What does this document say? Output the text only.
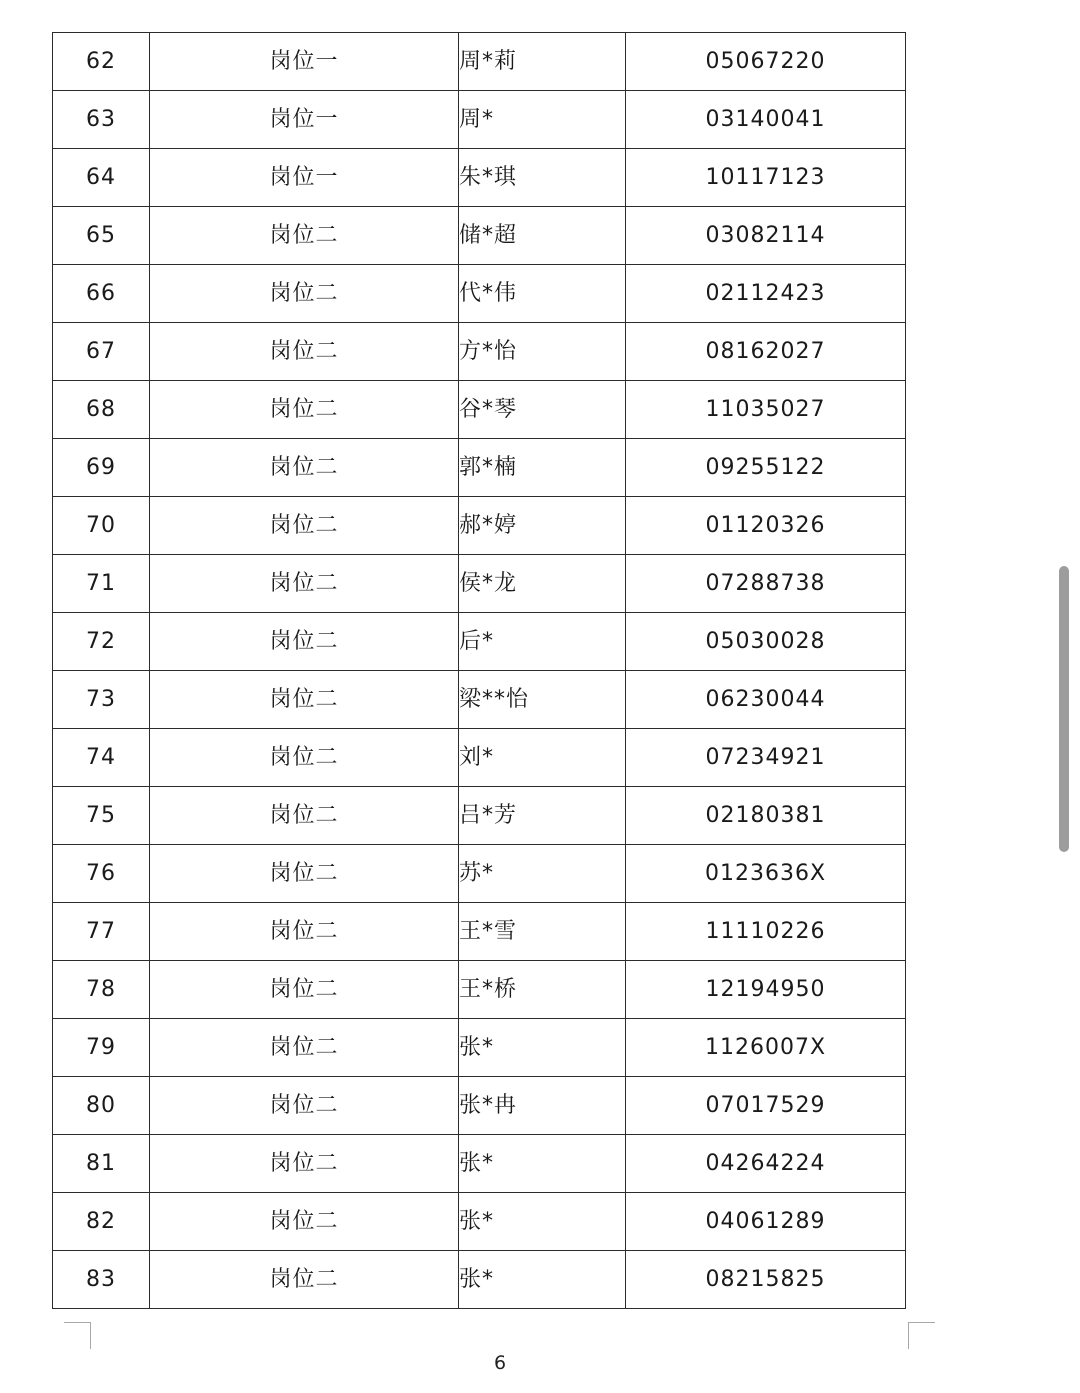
62	岗位一	周*莉	05067220
63	岗位一	周*	03140041
64	岗位一	朱*琪	10117123
65	岗位二	储*超	03082114
66	岗位二	代*伟	02112423
67	岗位二	方*怡	08162027
68	岗位二	谷*琴	11035027
69	岗位二	郭*楠	09255122
70	岗位二	郝*婷	01120326
71	岗位二	侯*龙	07288738
72	岗位二	后*	05030028
73	岗位二	梁**怡	06230044
74	岗位二	刘*	07234921
75	岗位二	吕*芳	02180381
76	岗位二	苏*	0123636X
77	岗位二	王*雪	11110226
78	岗位二	王*桥	12194950
79	岗位二	张*	1126007X
80	岗位二	张*冉	07017529
81	岗位二	张*	04264224
82	岗位二	张*	04061289
83	岗位二	张*	08215825
6
